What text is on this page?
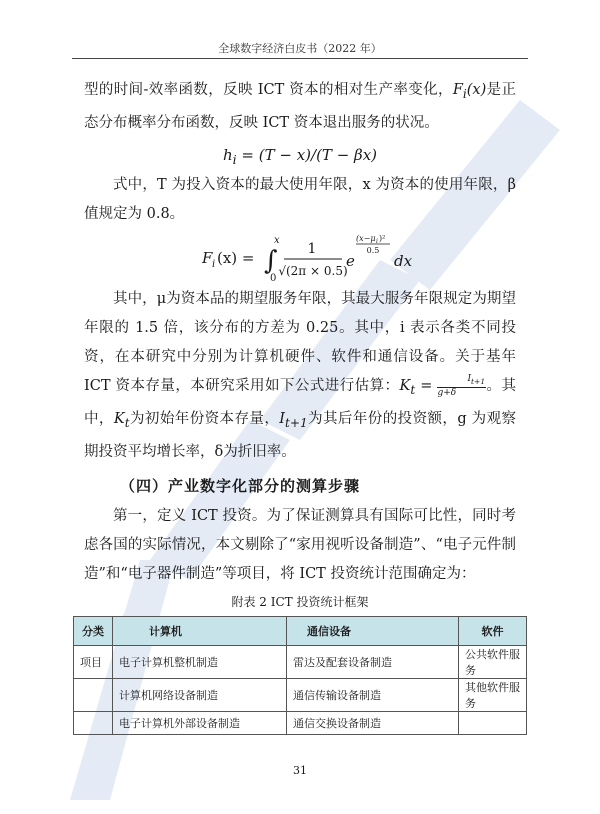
全球数字经济白皮书（2022 年）

型的时间-效率函数，反映 ICT 资本的相对生产率变化，$F_i(x)$是正态分布概率分布函数，反映 ICT 资本退出服务的状况。

$h_i = (T - x)/(T - \beta x)$

式中，T 为投入资本的最大使用年限，x 为资本的使用年限，β值规定为 0.8。

F i (x) = ∫
x
0
1
√(2π × 0.5)
e
(x−μ i )²
0.5
dx

其中，μ为资本品的期望服务年限，其最大服务年限规定为期望年限的 1.5 倍，该分布的方差为 0.25。其中，i 表示各类不同投资，在本研究中分别为计算机硬件、软件和通信设备。关于基年 ICT 资本存量，本研究采用如下公式进行估算：$K_t = \frac{I_{t+1}}{g+\delta}$。其中，$K_t$为初始年份资本存量，$I_{t+1}$为其后年份的投资额，g 为观察期投资平均增长率，δ为折旧率。

（四）产业数字化部分的测算步骤

第一，定义 ICT 投资。为了保证测算具有国际可比性，同时考虑各国的实际情况，本文剔除了“家用视听设备制造”、“电子元件制造”和“电子器件制造”等项目，将 ICT 投资统计范围确定为：

附表 2 ICT 投资统计框架
分类	计算机	通信设备	软件
项目	电子计算机整机制造	雷达及配套设备制造	公共软件服务
	计算机网络设备制造	通信传输设备制造	其他软件服务
	电子计算机外部设备制造	通信交换设备制造	
31
